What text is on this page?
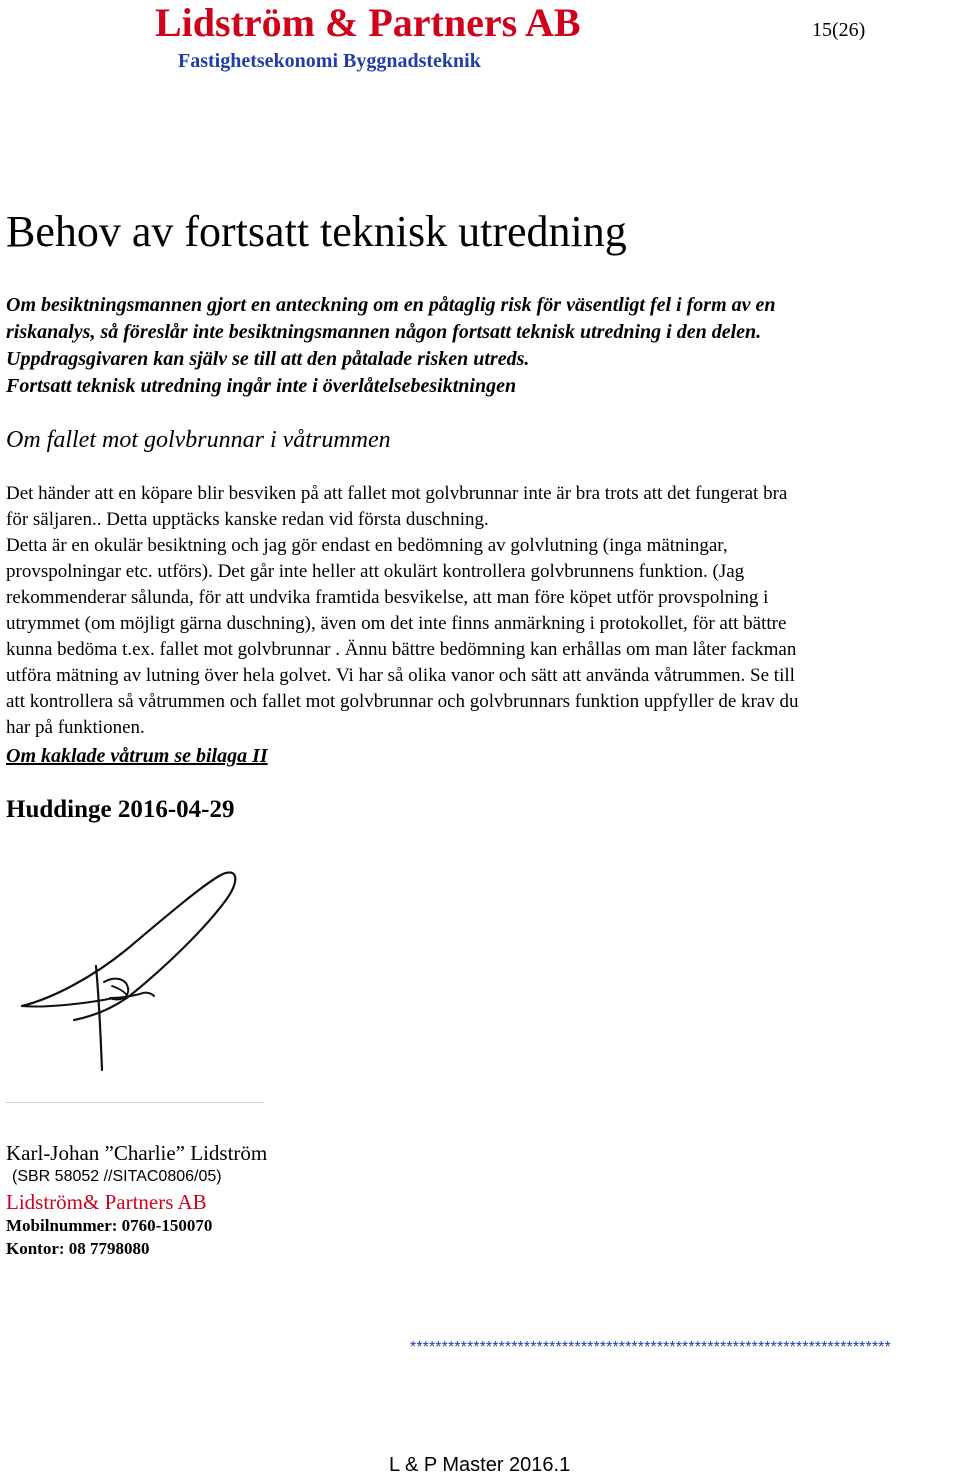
Lidström & Partners AB
Fastighetsekonomi Byggnadsteknik
15(26)
Behov av fortsatt teknisk utredning
Om besiktningsmannen gjort en anteckning om en påtaglig risk för väsentligt fel i form av en
riskanalys, så föreslår inte besiktningsmannen någon fortsatt teknisk utredning i den delen.
Uppdragsgivaren kan själv se till att den påtalade risken utreds.
Fortsatt teknisk utredning ingår inte i överlåtelsebesiktningen
Om fallet mot golvbrunnar i våtrummen
Det händer att en köpare blir besviken på att fallet mot golvbrunnar inte är bra trots att det fungerat bra
för säljaren.. Detta upptäcks kanske redan vid första duschning.
Detta är en okulär besiktning och jag gör endast en bedömning av golvlutning (inga mätningar,
provspolningar etc. utförs). Det går inte heller att okulärt kontrollera golvbrunnens funktion. (Jag
rekommenderar sålunda, för att undvika framtida besvikelse, att man före köpet utför provspolning i
utrymmet (om möjligt gärna duschning), även om det inte finns anmärkning i protokollet, för att bättre
kunna bedöma t.ex. fallet mot golvbrunnar . Ännu bättre bedömning kan erhållas om man låter fackman
utföra mätning av lutning över hela golvet. Vi har så olika vanor och sätt att använda våtrummen. Se till
att kontrollera så våtrummen och fallet mot golvbrunnar och golvbrunnars funktion uppfyller de krav du
har på funktionen.
Om kaklade våtrum se bilaga II
Huddinge 2016-04-29
Karl-Johan ”Charlie” Lidström
(SBR 58052 //SITAC0806/05)
Lidström& Partners AB
Mobilnummer: 0760-150070
Kontor: 08 7798080
****************************************************************************
L & P Master 2016.1
